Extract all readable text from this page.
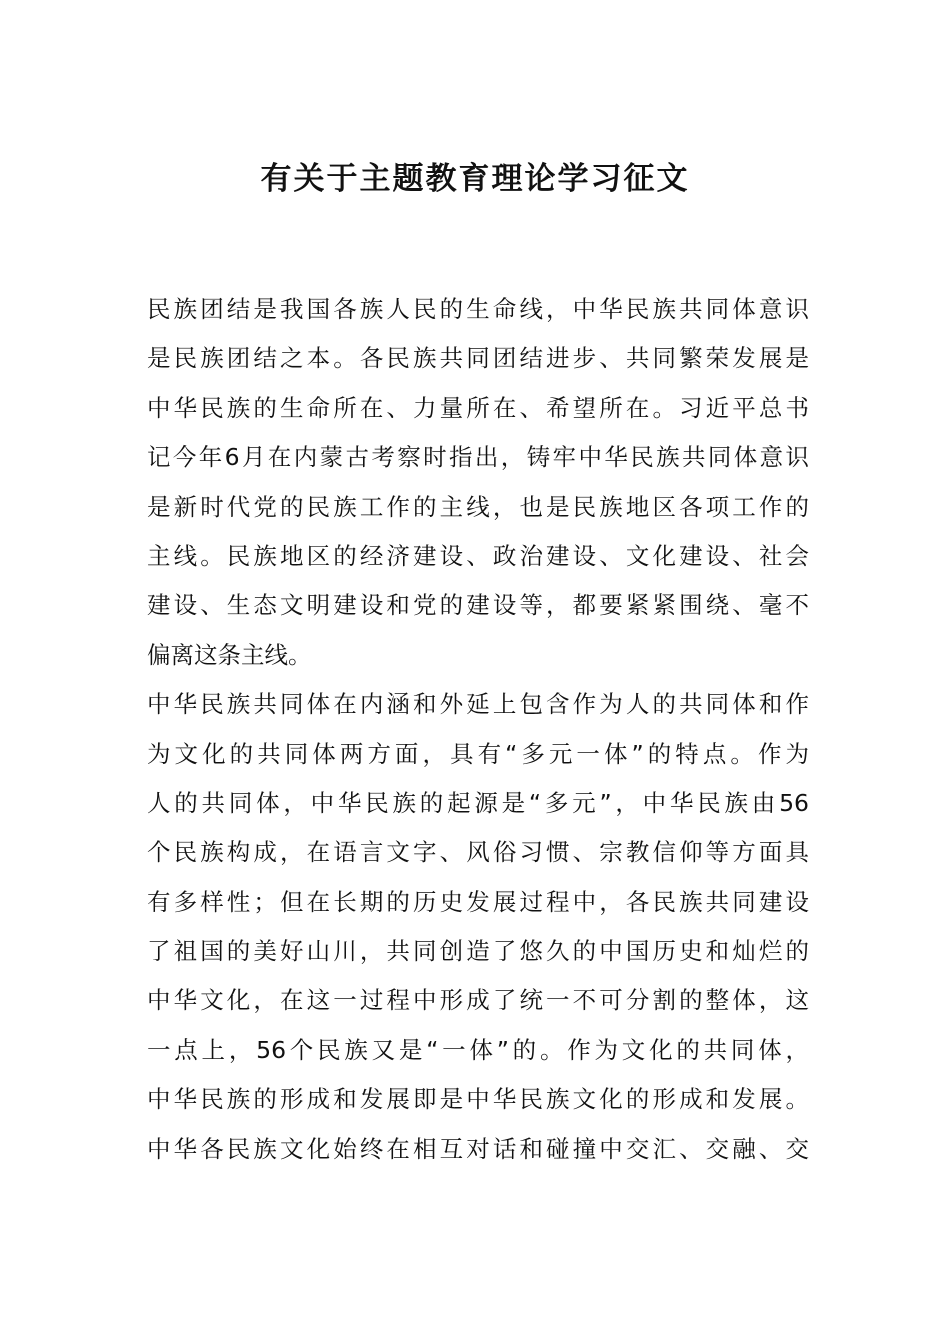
有关于主题教育理论学习征文
民族团结是我国各族人民的生命线，中华民族共同体意识
是民族团结之本。各民族共同团结进步、共同繁荣发展是
中华民族的生命所在、力量所在、希望所在。习近平总书
记今年6月在内蒙古考察时指出，铸牢中华民族共同体意识
是新时代党的民族工作的主线，也是民族地区各项工作的
主线。民族地区的经济建设、政治建设、文化建设、社会
建设、生态文明建设和党的建设等，都要紧紧围绕、毫不
偏离这条主线。
中华民族共同体在内涵和外延上包含作为人的共同体和作
为文化的共同体两方面，具有“多元一体”的特点。作为
人的共同体，中华民族的起源是“多元”，中华民族由56
个民族构成，在语言文字、风俗习惯、宗教信仰等方面具
有多样性；但在长期的历史发展过程中，各民族共同建设
了祖国的美好山川，共同创造了悠久的中国历史和灿烂的
中华文化，在这一过程中形成了统一不可分割的整体，这
一点上，56个民族又是“一体”的。作为文化的共同体，
中华民族的形成和发展即是中华民族文化的形成和发展。
中华各民族文化始终在相互对话和碰撞中交汇、交融、交
